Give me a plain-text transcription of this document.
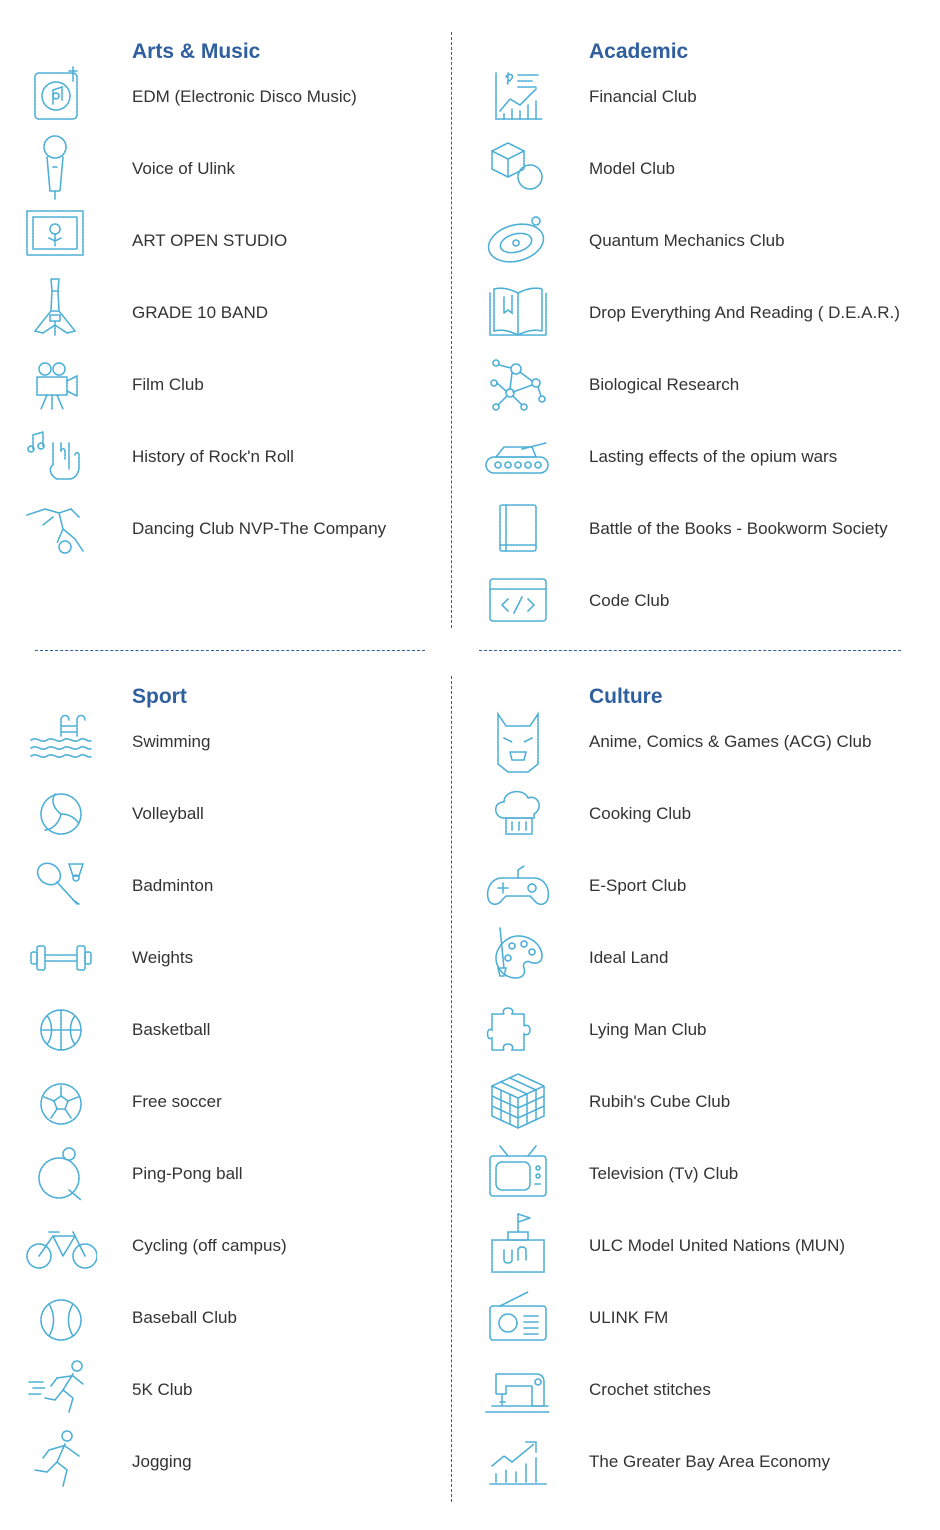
Arts & Music
EDM (Electronic Disco Music)
Voice of Ulink
ART OPEN STUDIO
GRADE 10 BAND
Film Club
History of Rock'n Roll
Dancing Club NVP-The Company
Academic
Financial Club
Model Club
Quantum Mechanics Club
Drop Everything And Reading ( D.E.A.R.)
Biological Research
Lasting effects of the opium wars
Battle of the Books - Bookworm Society
Code Club
Sport
Swimming
Volleyball
Badminton
Weights
Basketball
Free soccer
Ping-Pong ball
Cycling (off campus)
Baseball Club
5K Club
Jogging
Culture
Anime, Comics & Games (ACG) Club
Cooking Club
E-Sport Club
Ideal Land
Lying Man Club
Rubih's Cube Club
Television (Tv) Club
ULC Model United Nations (MUN)
ULINK FM
Crochet stitches
The Greater Bay Area Economy
